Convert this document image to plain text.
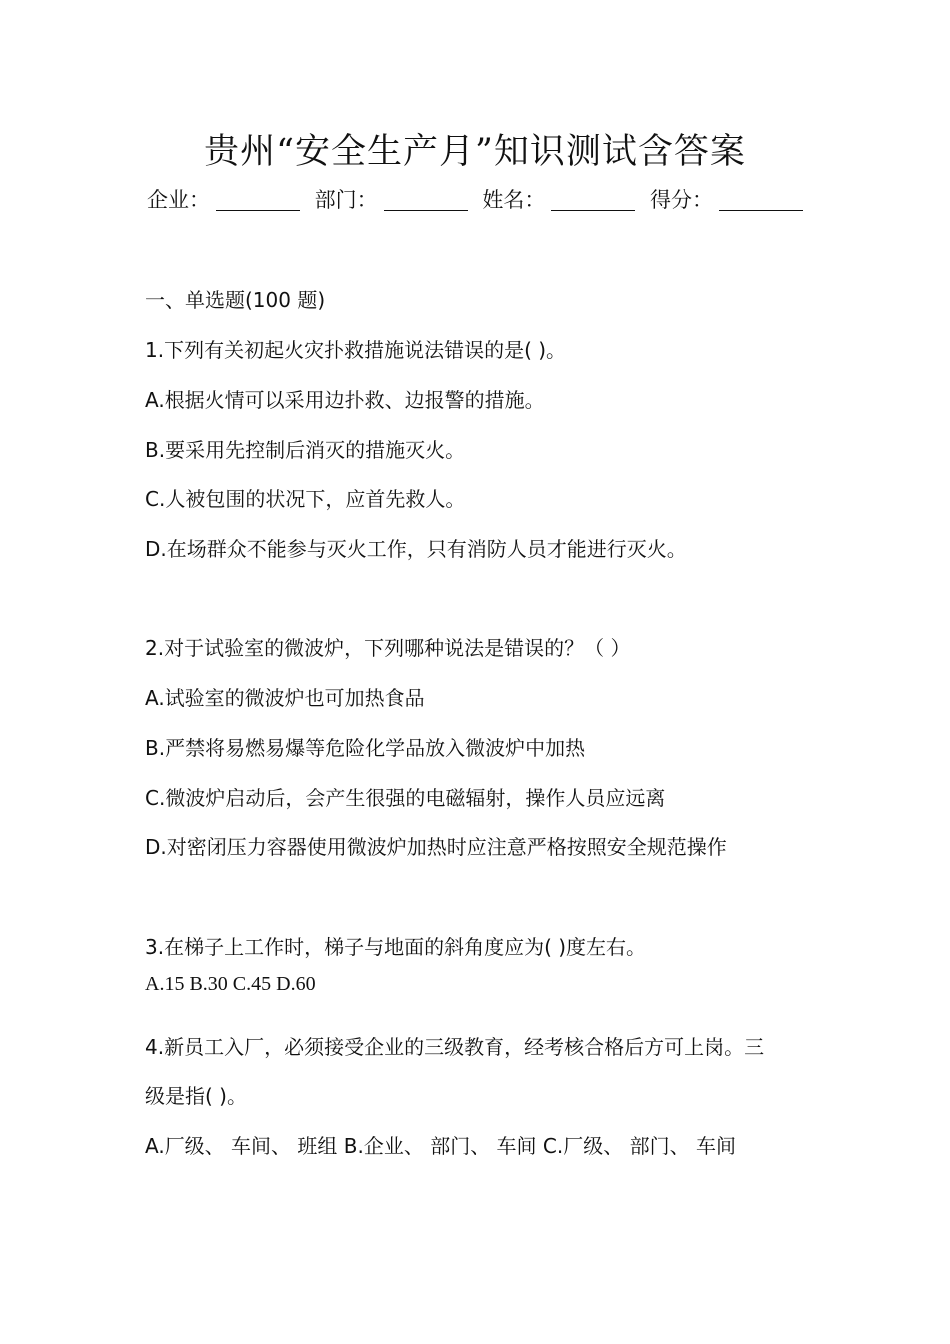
贵州“安全生产月”知识测试含答案
企业：	部门：	姓名：	得分：
一、单选题(100 题)
1.下列有关初起火灾扑救措施说法错误的是( )。
A.根据火情可以采用边扑救、边报警的措施。
B.要采用先控制后消灭的措施灭火。
C.人被包围的状况下，应首先救人。
D.在场群众不能参与灭火工作，只有消防人员才能进行灭火。
2.对于试验室的微波炉，下列哪种说法是错误的？（ ）
A.试验室的微波炉也可加热食品
B.严禁将易燃易爆等危险化学品放入微波炉中加热
C.微波炉启动后，会产生很强的电磁辐射，操作人员应远离
D.对密闭压力容器使用微波炉加热时应注意严格按照安全规范操作
3.在梯子上工作时，梯子与地面的斜角度应为( )度左右。
A.15 B.30 C.45 D.60
4.新员工入厂，必须接受企业的三级教育，经考核合格后方可上岗。三
级是指( )。
A.厂级、 车间、 班组 B.企业、 部门、 车间 C.厂级、 部门、 车间
